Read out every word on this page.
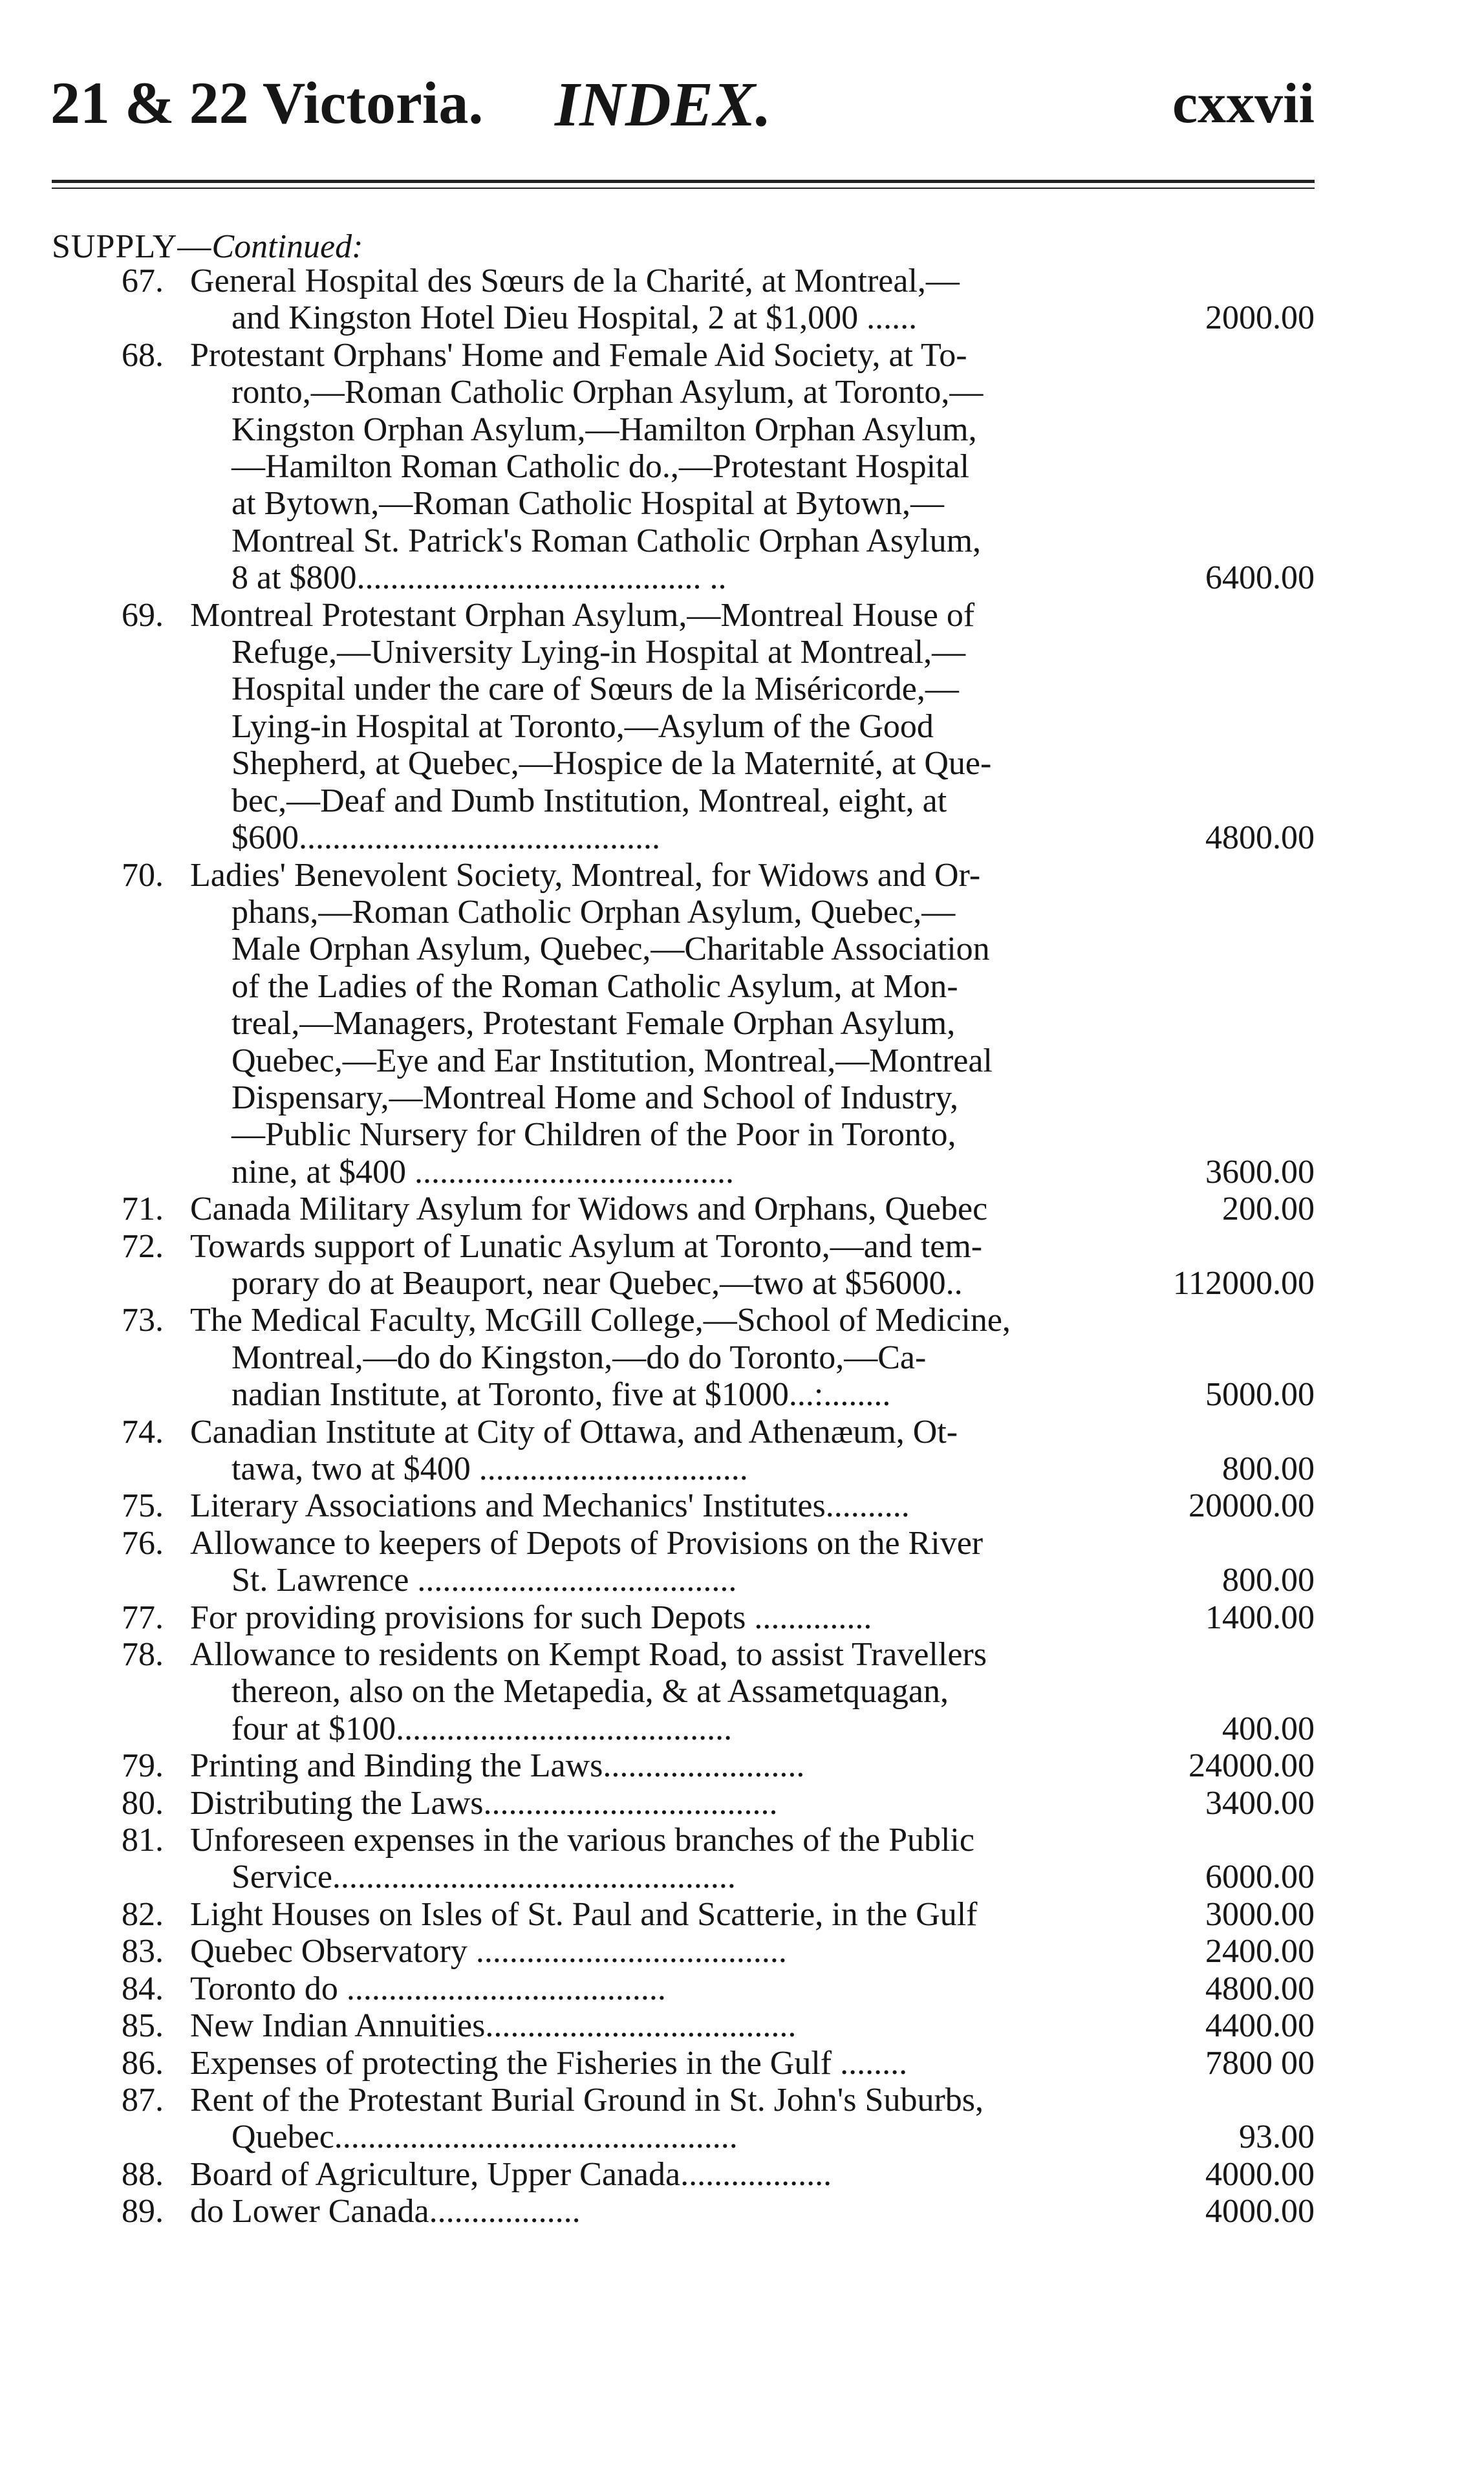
21 & 22 Victoria. INDEX.	cxxvii
SUPPLY—Continued:
67. General Hospital des Sœurs de la Charité, at Montreal,—
and Kingston Hotel Dieu Hospital, 2 at $1,000 ......	2000.00
68. Protestant Orphans' Home and Female Aid Society, at To-
ronto,—Roman Catholic Orphan Asylum, at Toronto,—
Kingston Orphan Asylum,—Hamilton Orphan Asylum,
—Hamilton Roman Catholic do.,—Protestant Hospital
at Bytown,—Roman Catholic Hospital at Bytown,—
Montreal St. Patrick's Roman Catholic Orphan Asylum,
8 at $800......................................... ..	6400.00
69. Montreal Protestant Orphan Asylum,—Montreal House of
Refuge,—University Lying-in Hospital at Montreal,—
Hospital under the care of Sœurs de la Miséricorde,—
Lying-in Hospital at Toronto,—Asylum of the Good
Shepherd, at Quebec,—Hospice de la Maternité, at Que-
bec,—Deaf and Dumb Institution, Montreal, eight, at
$600...........................................	4800.00
70. Ladies' Benevolent Society, Montreal, for Widows and Or-
phans,—Roman Catholic Orphan Asylum, Quebec,—
Male Orphan Asylum, Quebec,—Charitable Association
of the Ladies of the Roman Catholic Asylum, at Mon-
treal,—Managers, Protestant Female Orphan Asylum,
Quebec,—Eye and Ear Institution, Montreal,—Montreal
Dispensary,—Montreal Home and School of Industry,
—Public Nursery for Children of the Poor in Toronto,
nine, at $400 ......................................	3600.00
71. Canada Military Asylum for Widows and Orphans, Quebec	200.00
72. Towards support of Lunatic Asylum at Toronto,—and tem-
porary do at Beauport, near Quebec,—two at $56000..	112000.00
73. The Medical Faculty, McGill College,—School of Medicine,
Montreal,—do do Kingston,—do do Toronto,—Ca-
nadian Institute, at Toronto, five at $1000...:........	5000.00
74. Canadian Institute at City of Ottawa, and Athenæum, Ot-
tawa, two at $400 ................................	800.00
75. Literary Associations and Mechanics' Institutes..........	20000.00
76. Allowance to keepers of Depots of Provisions on the River
St. Lawrence ......................................	800.00
77. For providing provisions for such Depots ..............	1400.00
78. Allowance to residents on Kempt Road, to assist Travellers
thereon, also on the Metapedia, & at Assametquagan,
four at $100........................................	400.00
79. Printing and Binding the Laws........................	24000.00
80. Distributing the Laws...................................	3400.00
81. Unforeseen expenses in the various branches of the Public
Service................................................	6000.00
82. Light Houses on Isles of St. Paul and Scatterie, in the Gulf	3000.00
83. Quebec Observatory .....................................	2400.00
84. Toronto do ......................................	4800.00
85. New Indian Annuities.....................................	4400.00
86. Expenses of protecting the Fisheries in the Gulf ........	7800 00
87. Rent of the Protestant Burial Ground in St. John's Suburbs,
Quebec................................................	93.00
88. Board of Agriculture, Upper Canada..................	4000.00
89. do Lower Canada..................	4000.00
